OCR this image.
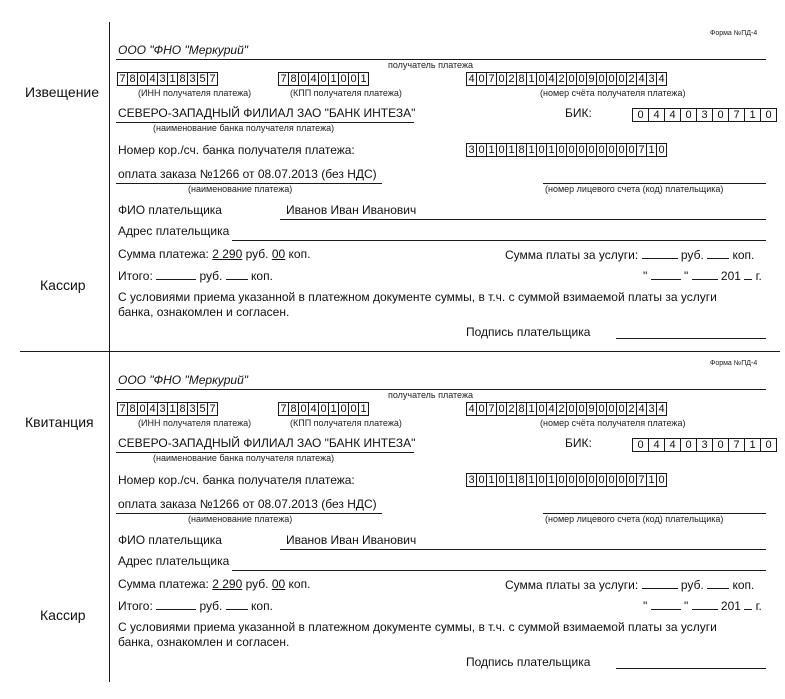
Извещение
Кассир
Форма №ПД-4
ООО "ФНО "Меркурий"
получатель платежа
7 8 0 4 3 1 8 3 5 7
(ИНН получателя платежа)
7 8 0 4 0 1 0 0 1
(КПП получателя платежа)
4 0 7 0 2 8 1 0 4 2 0 0 9 0 0 0 2 4 3 4
(номер счёта получателя платежа)
СЕВЕРО-ЗАПАДНЫЙ ФИЛИАЛ ЗАО "БАНК ИНТЕЗА"
(наименование банка получателя платежа)
БИК:	0 4 4 0 3 0 7 1 0
Номер кор./сч. банка получателя платежа:	3 0 1 0 1 8 1 0 1 0 0 0 0 0 0 0 0 7 1 0
оплата заказа №1266 от 08.07.2013 (без НДС)
(наименование платежа)	(номер лицевого счета (код) плательщика)
ФИО плательщика	Иванов Иван Иванович
Адрес плательщика
Сумма платежа: 2 290 руб. 00 коп.	Сумма платы за услуги:	руб. коп.
Итого:	руб. коп.	"	"	201 г.
С условиями приема указанной в платежном документе суммы, в т.ч. с суммой взимаемой платы за услуги
банка, ознакомлен и согласен.
Подпись плательщика
Квитанция
Кассир
Форма №ПД-4
ООО "ФНО "Меркурий"
получатель платежа
7 8 0 4 3 1 8 3 5 7
(ИНН получателя платежа)
7 8 0 4 0 1 0 0 1
(КПП получателя платежа)
4 0 7 0 2 8 1 0 4 2 0 0 9 0 0 0 2 4 3 4
(номер счёта получателя платежа)
СЕВЕРО-ЗАПАДНЫЙ ФИЛИАЛ ЗАО "БАНК ИНТЕЗА"
(наименование банка получателя платежа)
БИК:	0 4 4 0 3 0 7 1 0
Номер кор./сч. банка получателя платежа:	3 0 1 0 1 8 1 0 1 0 0 0 0 0 0 0 0 7 1 0
оплата заказа №1266 от 08.07.2013 (без НДС)
(наименование платежа)	(номер лицевого счета (код) плательщика)
ФИО плательщика	Иванов Иван Иванович
Адрес плательщика
Сумма платежа: 2 290 руб. 00 коп.	Сумма платы за услуги:	руб. коп.
Итого:	руб. коп.	"	"	201 г.
С условиями приема указанной в платежном документе суммы, в т.ч. с суммой взимаемой платы за услуги
банка, ознакомлен и согласен.
Подпись плательщика
